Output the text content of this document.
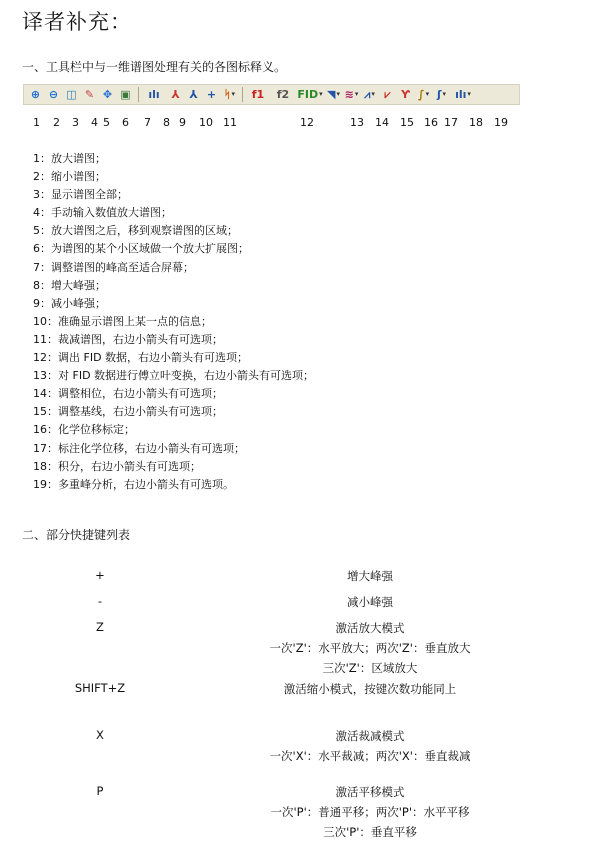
译者补充：
一、工具栏中与一维谱图处理有关的各图标释义。
⊕ ⊖ ◫ ✎ ✥ ▣	ılı	⅄ ⅄ + ᛋ ▾	f1	f2 FID ▾ ◥ ▾ ≋ ▾ ⩘ ▾ ⩗ Ƴ ∫ ▾ ʃ ▾ ılı ▾
1 2 3 4 5 6 7 8 9 10 11	12	13 14 15 16 17 18 19
1：放大谱图；
2：缩小谱图；
3：显示谱图全部；
4：手动输入数值放大谱图；
5：放大谱图之后，移到观察谱图的区域；
6：为谱图的某个小区域做一个放大扩展图；
7：调整谱图的峰高至适合屏幕；
8：增大峰强；
9：减小峰强；
10：准确显示谱图上某一点的信息；
11：裁减谱图，右边小箭头有可选项；
12：调出 FID 数据，右边小箭头有可选项；
13：对 FID 数据进行傅立叶变换，右边小箭头有可选项；
14：调整相位，右边小箭头有可选项；
15：调整基线，右边小箭头有可选项；
16：化学位移标定；
17：标注化学位移，右边小箭头有可选项；
18：积分，右边小箭头有可选项；
19：多重峰分析，右边小箭头有可选项。
二、部分快捷键列表
+	增大峰强
-	减小峰强
Z	激活放大模式
一次'Z'：水平放大；两次'Z'：垂直放大
三次'Z'：区域放大
SHIFT+Z	激活缩小模式，按键次数功能同上
X	激活裁减模式
一次'X'：水平裁减；两次'X'：垂直裁减
P	激活平移模式
一次'P'：普通平移；两次'P'：水平平移
三次'P'：垂直平移
